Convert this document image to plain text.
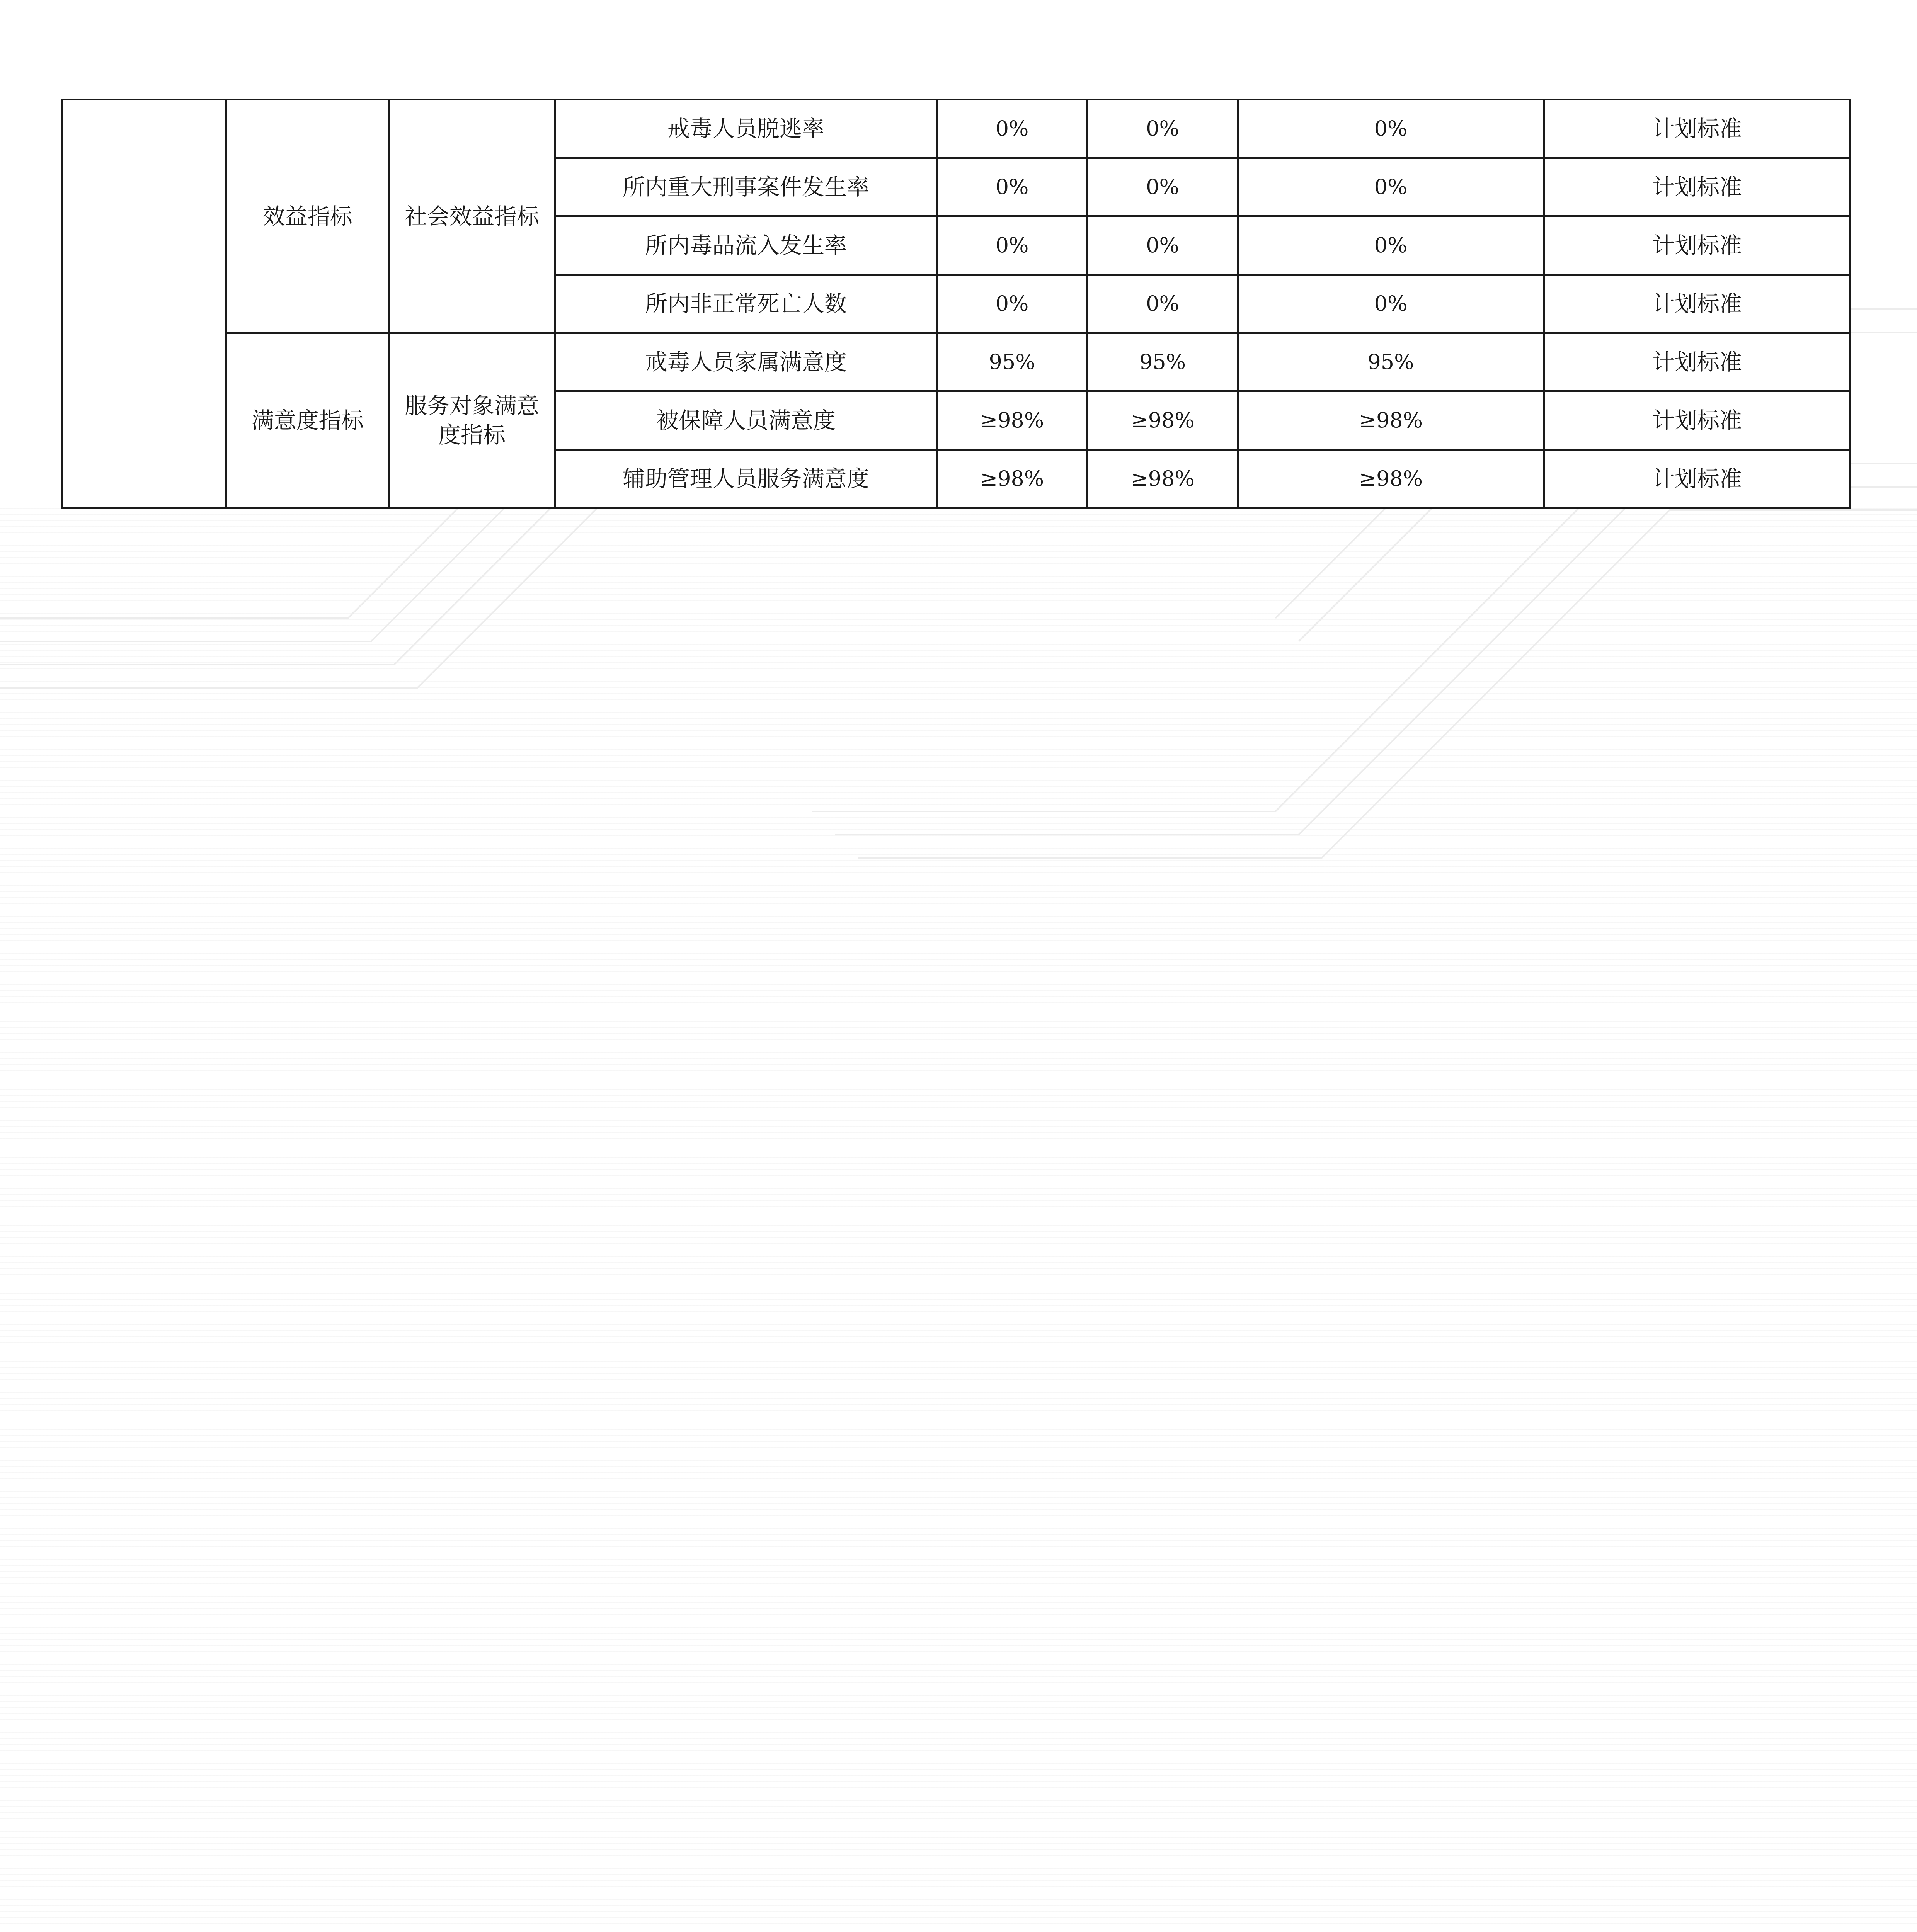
	效益指标	社会效益指标	戒毒人员脱逃率	0%	0%	0%	计划标准
			所内重大刑事案件发生率	0%	0%	0%	计划标准
			所内毒品流入发生率	0%	0%	0%	计划标准
			所内非正常死亡人数	0%	0%	0%	计划标准
	满意度指标	服务对象满意度指标	戒毒人员家属满意度	95%	95%	95%	计划标准
			被保障人员满意度	≥98%	≥98%	≥98%	计划标准
			辅助管理人员服务满意度	≥98%	≥98%	≥98%	计划标准
